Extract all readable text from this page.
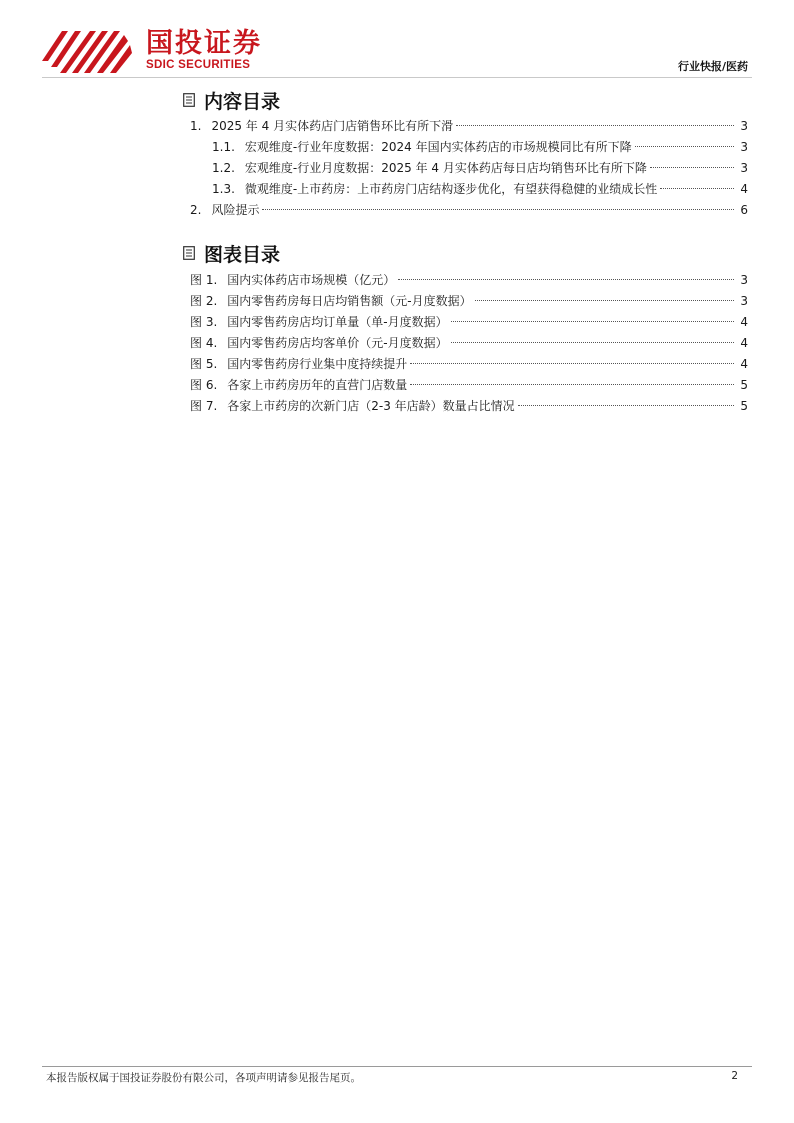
国投证券
SDIC SECURITIES	行业快报/医药
内容目录
1. 2025 年 4 月实体药店门店销售环比有所下滑	3
1.1. 宏观维度-行业年度数据：2024 年国内实体药店的市场规模同比有所下降	3
1.2. 宏观维度-行业月度数据：2025 年 4 月实体药店每日店均销售环比有所下降	3
1.3. 微观维度-上市药房：上市药房门店结构逐步优化，有望获得稳健的业绩成长性	4
2. 风险提示	6
图表目录
图 1. 国内实体药店市场规模（亿元）	3
图 2. 国内零售药房每日店均销售额（元-月度数据）	3
图 3. 国内零售药房店均订单量（单-月度数据）	4
图 4. 国内零售药房店均客单价（元-月度数据）	4
图 5. 国内零售药房行业集中度持续提升	4
图 6. 各家上市药房历年的直营门店数量	5
图 7. 各家上市药房的次新门店（2-3 年店龄）数量占比情况	5
本报告版权属于国投证券股份有限公司，各项声明请参见报告尾页。	2
